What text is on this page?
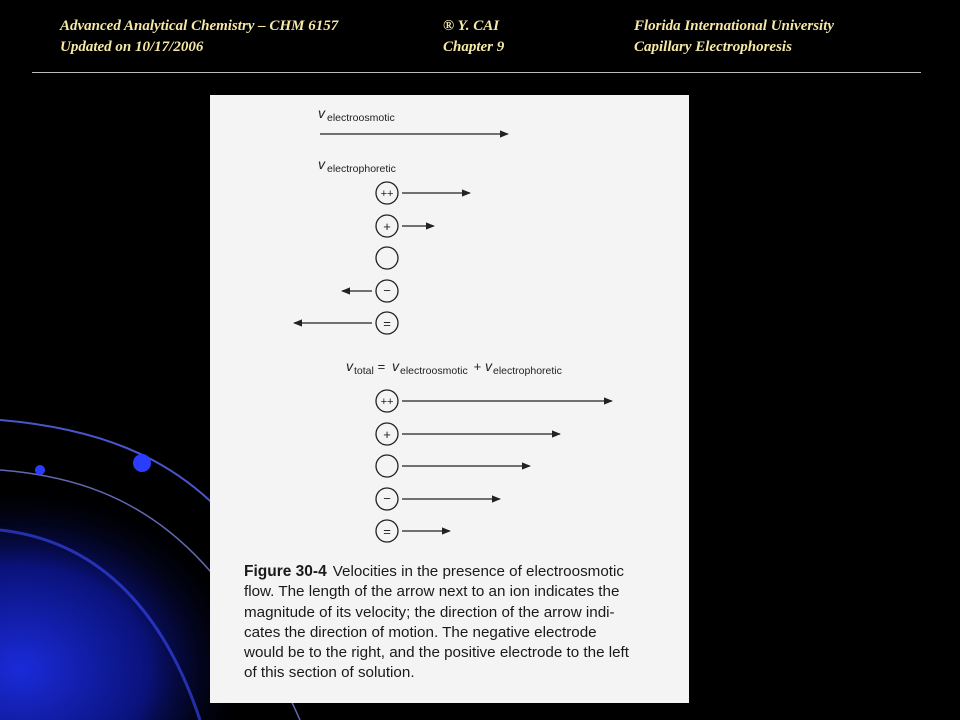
Advanced Analytical Chemistry – CHM 6157
Updated on 10/17/2006
® Y. CAI
Chapter 9
Florida International University
Capillary Electrophoresis
v electroosmotic
v electrophoretic
++
+
−
=
v total = v electroosmotic + v electrophoretic
++
+
−
=
Figure 30-4 Velocities in the presence of electroosmotic
flow. The length of the arrow next to an ion indicates the
magnitude of its velocity; the direction of the arrow indi-
cates the direction of motion. The negative electrode
would be to the right, and the positive electrode to the left
of this section of solution.
